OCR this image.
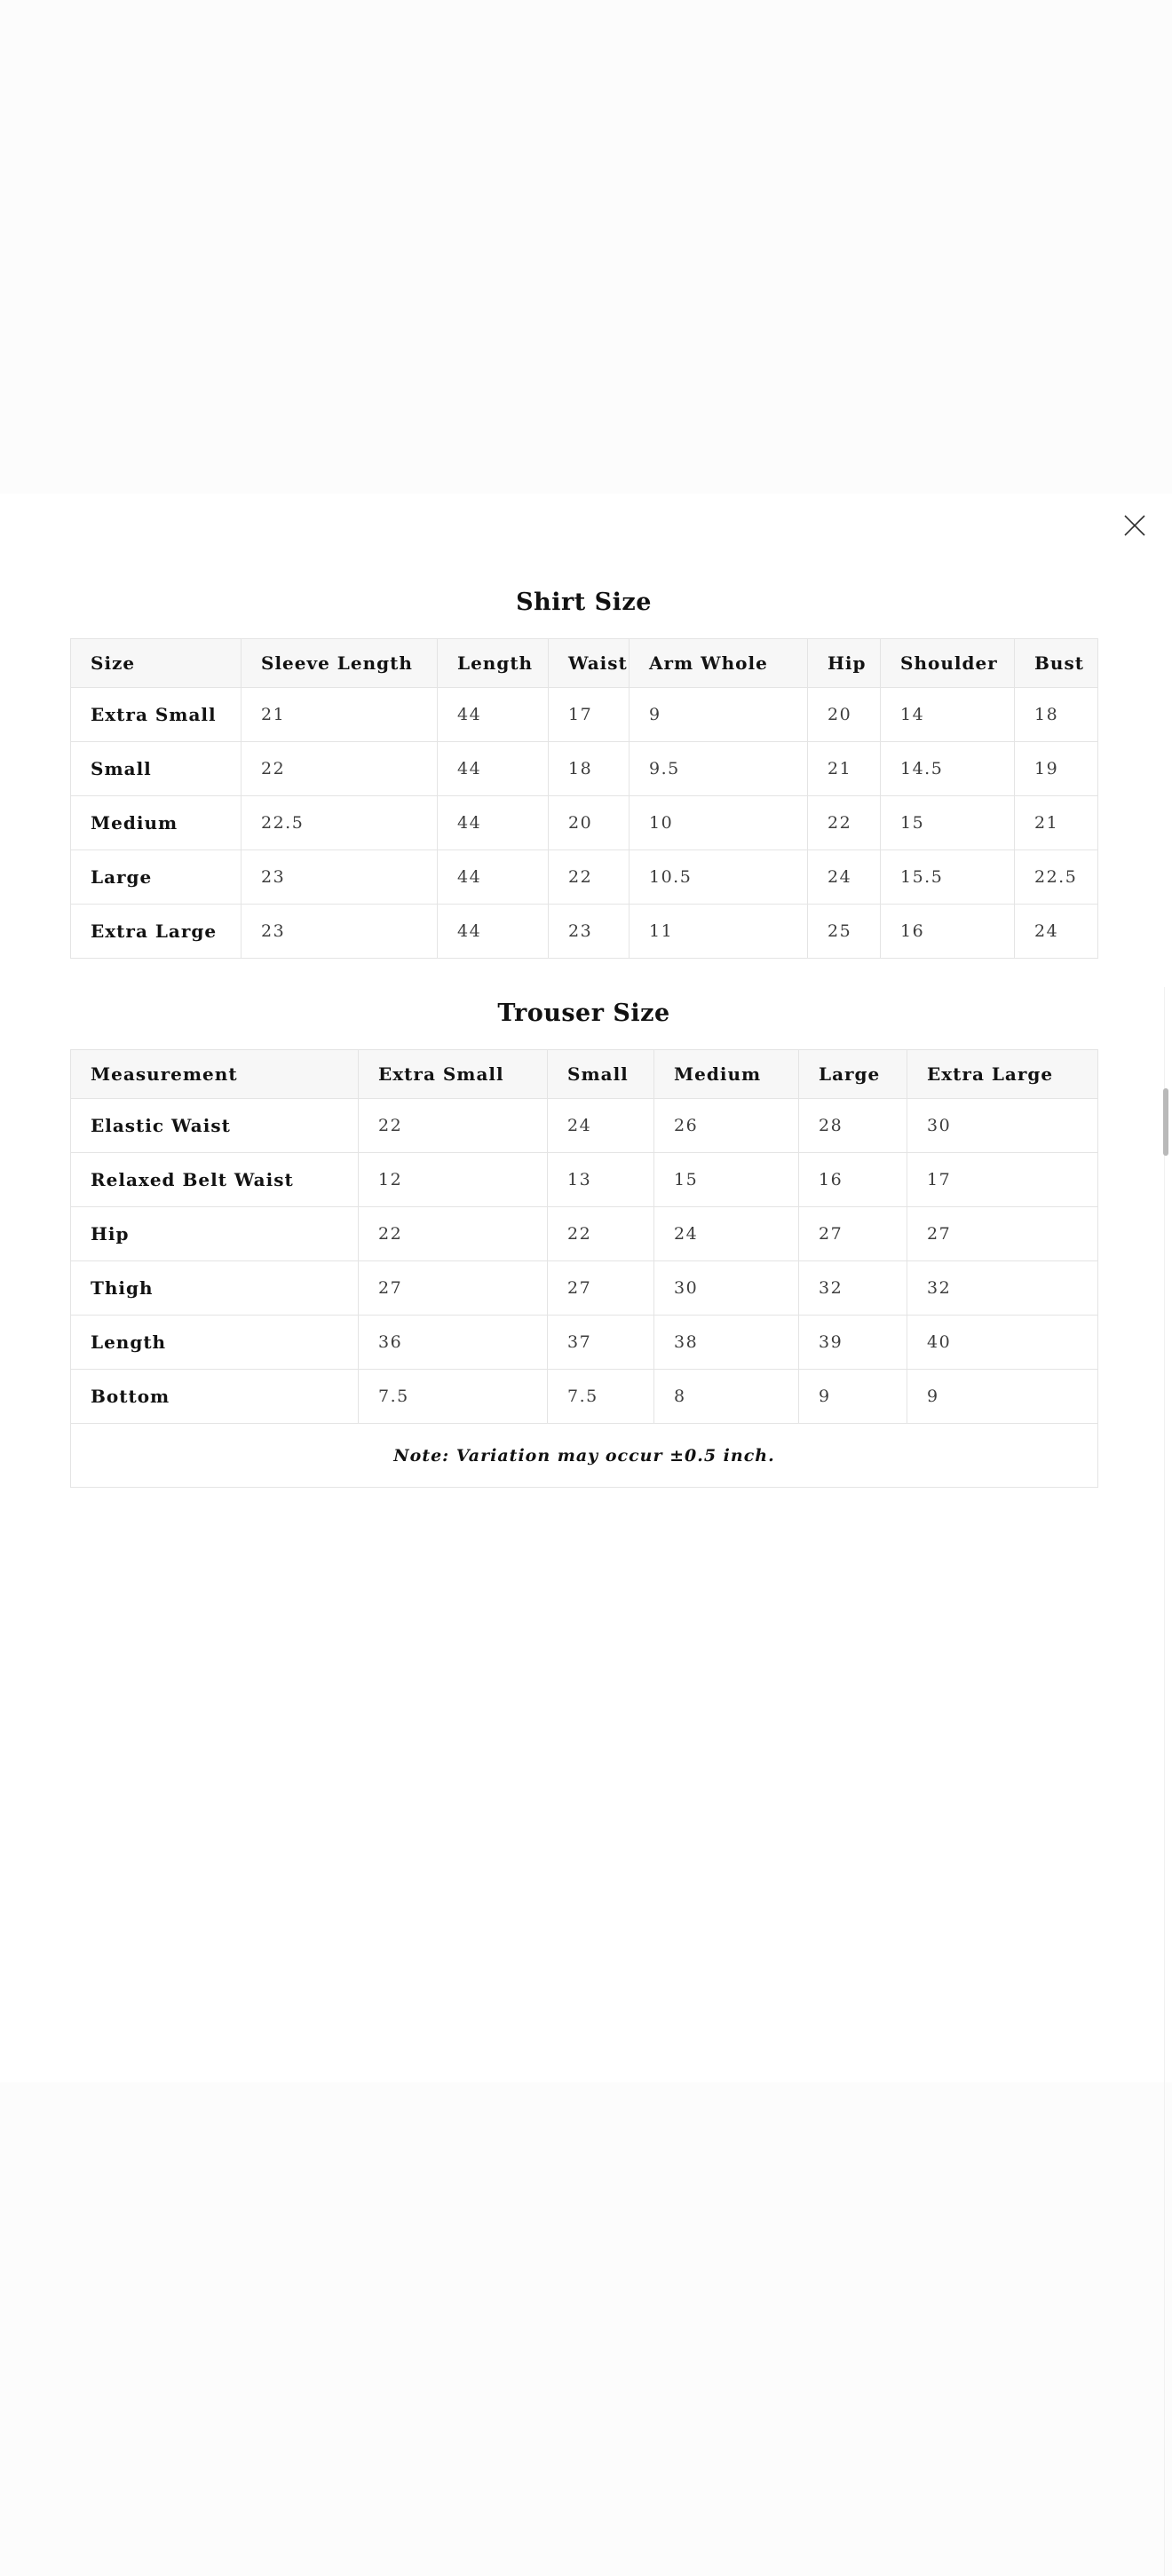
Shirt Size
Size	Sleeve Length	Length	Waist	Arm Whole	Hip	Shoulder	Bust
Extra Small	21	44	17	9	20	14	18
Small	22	44	18	9.5	21	14.5	19
Medium	22.5	44	20	10	22	15	21
Large	23	44	22	10.5	24	15.5	22.5
Extra Large	23	44	23	11	25	16	24
Trouser Size
Measurement	Extra Small	Small	Medium	Large	Extra Large
Elastic Waist	22	24	26	28	30
Relaxed Belt Waist	12	13	15	16	17
Hip	22	22	24	27	27
Thigh	27	27	30	32	32
Length	36	37	38	39	40
Bottom	7.5	7.5	8	9	9
Note: Variation may occur ±0.5 inch.					
